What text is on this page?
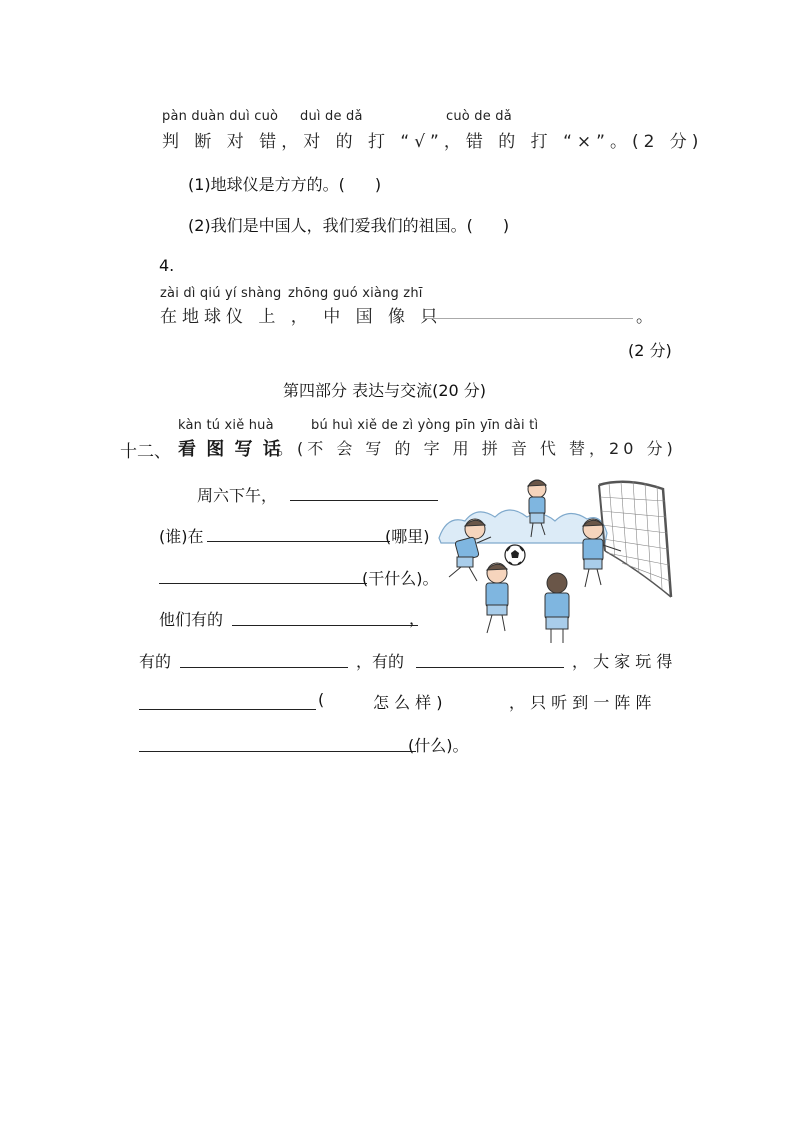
pàn duàn duì cuò duì de dǎ	cuò de dǎ
判 断 对 错，对 的 打 “√”，错 的 打 “×”。(2 分)
(1)地球仪是方方的。( )
(2)我们是中国人，我们爱我们的祖国。( )
4.
zài dì qiú yí shàng zhōng guó xiàng zhī
在地球仪 上 ， 中 国 像 只	。
(2 分)
第四部分 表达与交流(20 分)
kàn tú xiě huà	bú huì xiě de zì yòng pīn yīn dài tì
十二、 看 图 写 话
。(不 会 写 的 字 用 拼 音 代 替，20 分)
周六下午，
(谁)在	(哪里)
(干什么)。
他们有的	，
有的	，有的	， 大 家 玩 得
(	怎 么 样 )	， 只 听 到 一 阵 阵
(什么)。
